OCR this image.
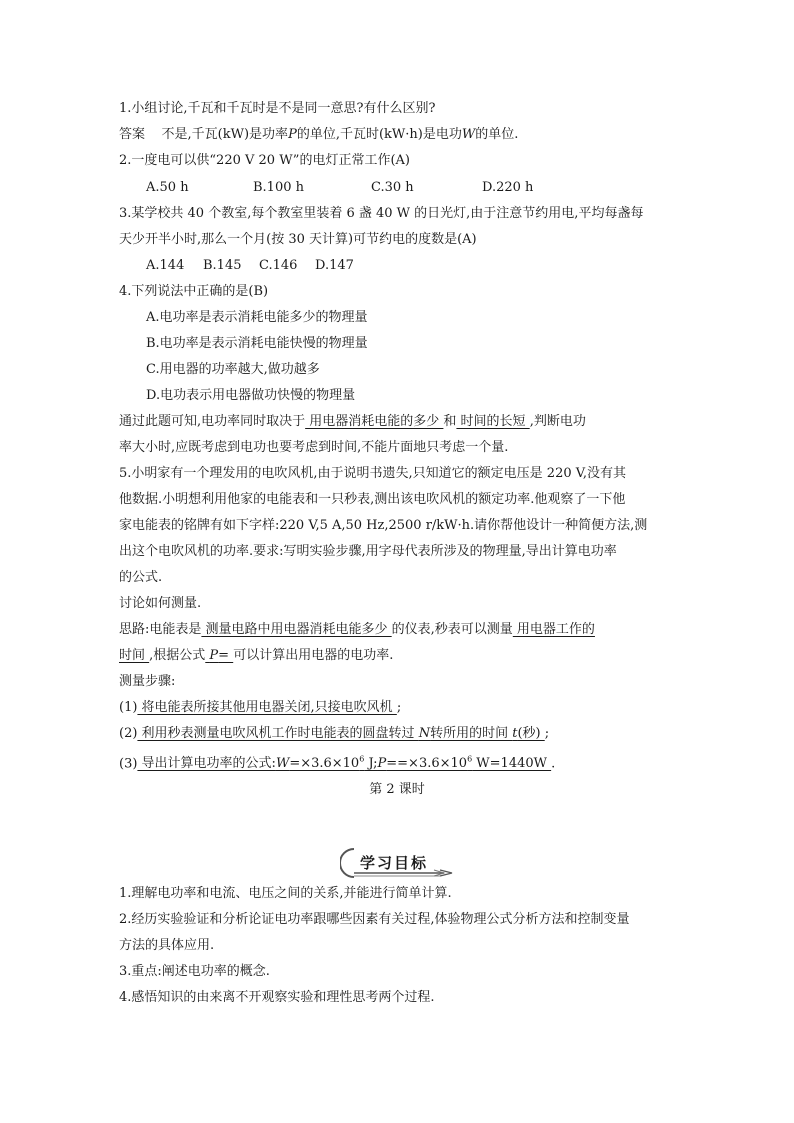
1.小组讨论,千瓦和千瓦时是不是同一意思?有什么区别?
答案 不是,千瓦(kW)是功率P的单位,千瓦时(kW·h)是电功W的单位.
2.一度电可以供“220 V 20 W”的电灯正常工作(A)
A.50 h	B.100 h	C.30 h	D.220 h
3.某学校共 40 个教室,每个教室里装着 6 盏 40 W 的日光灯,由于注意节约用电,平均每盏每
天少开半小时,那么一个月(按 30 天计算)可节约电的度数是(A)
A.144 B.145 C.146 D.147
4.下列说法中正确的是(B)
A.电功率是表示消耗电能多少的物理量
B.电功率是表示消耗电能快慢的物理量
C.用电器的功率越大,做功越多
D.电功表示用电器做功快慢的物理量
通过此题可知,电功率同时取决于 用电器消耗电能的多少 和 时间的长短 ,判断电功
率大小时,应既考虑到电功也要考虑到时间,不能片面地只考虑一个量.
5.小明家有一个理发用的电吹风机,由于说明书遗失,只知道它的额定电压是 220 V,没有其
他数据.小明想利用他家的电能表和一只秒表,测出该电吹风机的额定功率.他观察了一下他
家电能表的铭牌有如下字样:220 V,5 A,50 Hz,2500 r/kW·h.请你帮他设计一种简便方法,测
出这个电吹风机的功率.要求:写明实验步骤,用字母代表所涉及的物理量,导出计算电功率
的公式.
讨论如何测量.
思路:电能表是 测量电路中用电器消耗电能多少 的仪表,秒表可以测量 用电器工作的
时间 ,根据公式 P= 可以计算出用电器的电功率.
测量步骤:
(1) 将电能表所接其他用电器关闭,只接电吹风机 ;
(2) 利用秒表测量电吹风机工作时电能表的圆盘转过 N转所用的时间 t(秒) ;
(3) 导出计算电功率的公式$:W=\times 3.6\times 10^6$ $J;P==\times 3.6\times 10^6$ W=1440W .
第 2 课时
学习目标
1.理解电功率和电流、电压之间的关系,并能进行简单计算.
2.经历实验验证和分析论证电功率跟哪些因素有关过程,体验物理公式分析方法和控制变量
方法的具体应用.
3.重点:阐述电功率的概念.
4.感悟知识的由来离不开观察实验和理性思考两个过程.
